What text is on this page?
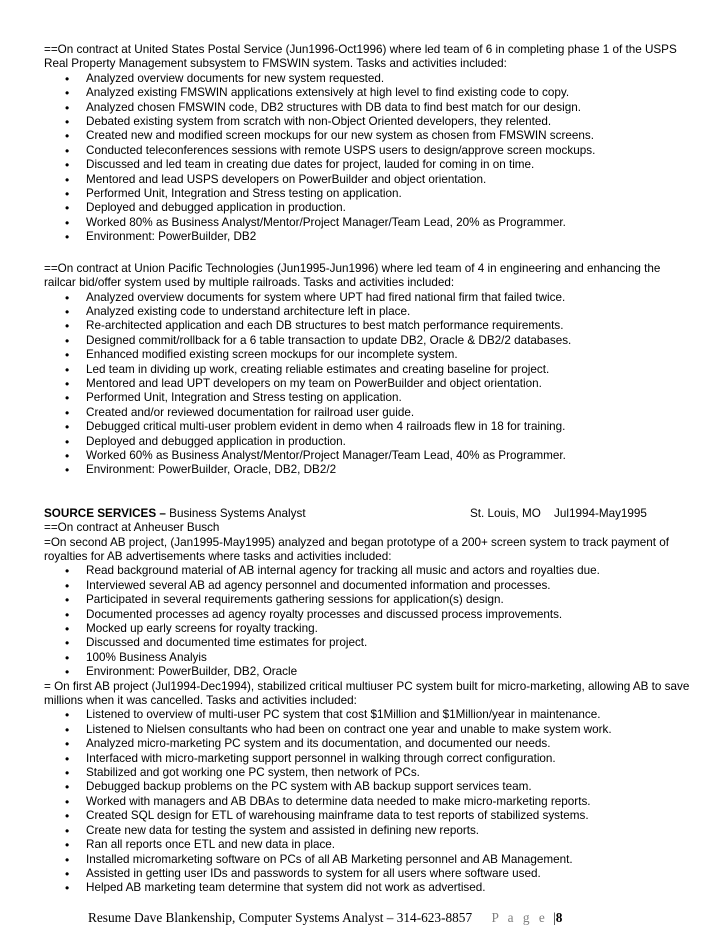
==On contract at United States Postal Service (Jun1996-Oct1996) where led team of 6 in completing phase 1 of the USPS Real Property Management subsystem to FMSWIN system. Tasks and activities included:

• Analyzed overview documents for new system requested.
• Analyzed existing FMSWIN applications extensively at high level to find existing code to copy.
• Analyzed chosen FMSWIN code, DB2 structures with DB data to find best match for our design.
• Debated existing system from scratch with non-Object Oriented developers, they relented.
• Created new and modified screen mockups for our new system as chosen from FMSWIN screens.
• Conducted teleconferences sessions with remote USPS users to design/approve screen mockups.
• Discussed and led team in creating due dates for project, lauded for coming in on time.
• Mentored and lead USPS developers on PowerBuilder and object orientation.
• Performed Unit, Integration and Stress testing on application.
• Deployed and debugged application in production.
• Worked 80% as Business Analyst/Mentor/Project Manager/Team Lead, 20% as Programmer.
• Environment: PowerBuilder, DB2

==On contract at Union Pacific Technologies (Jun1995-Jun1996) where led team of 4 in engineering and enhancing the railcar bid/offer system used by multiple railroads. Tasks and activities included:

• Analyzed overview documents for system where UPT had fired national firm that failed twice.
• Analyzed existing code to understand architecture left in place.
• Re-architected application and each DB structures to best match performance requirements.
• Designed commit/rollback for a 6 table transaction to update DB2, Oracle & DB2/2 databases.
• Enhanced modified existing screen mockups for our incomplete system.
• Led team in dividing up work, creating reliable estimates and creating baseline for project.
• Mentored and lead UPT developers on my team on PowerBuilder and object orientation.
• Performed Unit, Integration and Stress testing on application.
• Created and/or reviewed documentation for railroad user guide.
• Debugged critical multi-user problem evident in demo when 4 railroads flew in 18 for training.
• Deployed and debugged application in production.
• Worked 60% as Business Analyst/Mentor/Project Manager/Team Lead, 40% as Programmer.
• Environment: PowerBuilder, Oracle, DB2, DB2/2
SOURCE SERVICES – Business Systems Analyst	St. Louis, MO Jul1994-May1995

==On contract at Anheuser Busch

=On second AB project, (Jan1995-May1995) analyzed and began prototype of a 200+ screen system to track payment of royalties for AB advertisements where tasks and activities included:

• Read background material of AB internal agency for tracking all music and actors and royalties due.
• Interviewed several AB ad agency personnel and documented information and processes.
• Participated in several requirements gathering sessions for application(s) design.
• Documented processes ad agency royalty processes and discussed process improvements.
• Mocked up early screens for royalty tracking.
• Discussed and documented time estimates for project.
• 100% Business Analyis
• Environment: PowerBuilder, DB2, Oracle

= On first AB project (Jul1994-Dec1994), stabilized critical multiuser PC system built for micro-marketing, allowing AB to save millions when it was cancelled. Tasks and activities included:

• Listened to overview of multi-user PC system that cost $1Million and $1Million/year in maintenance.
• Listened to Nielsen consultants who had been on contract one year and unable to make system work.
• Analyzed micro-marketing PC system and its documentation, and documented our needs.
• Interfaced with micro-marketing support personnel in walking through correct configuration.
• Stabilized and got working one PC system, then network of PCs.
• Debugged backup problems on the PC system with AB backup support services team.
• Worked with managers and AB DBAs to determine data needed to make micro-marketing reports.
• Created SQL design for ETL of warehousing mainframe data to test reports of stabilized systems.
• Create new data for testing the system and assisted in defining new reports.
• Ran all reports once ETL and new data in place.
• Installed micromarketing software on PCs of all AB Marketing personnel and AB Management.
• Assisted in getting user IDs and passwords to system for all users where software used.
• Helped AB marketing team determine that system did not work as advertised.
Resume Dave Blankenship, Computer Systems Analyst – 314-623-8857 P a g e |8
